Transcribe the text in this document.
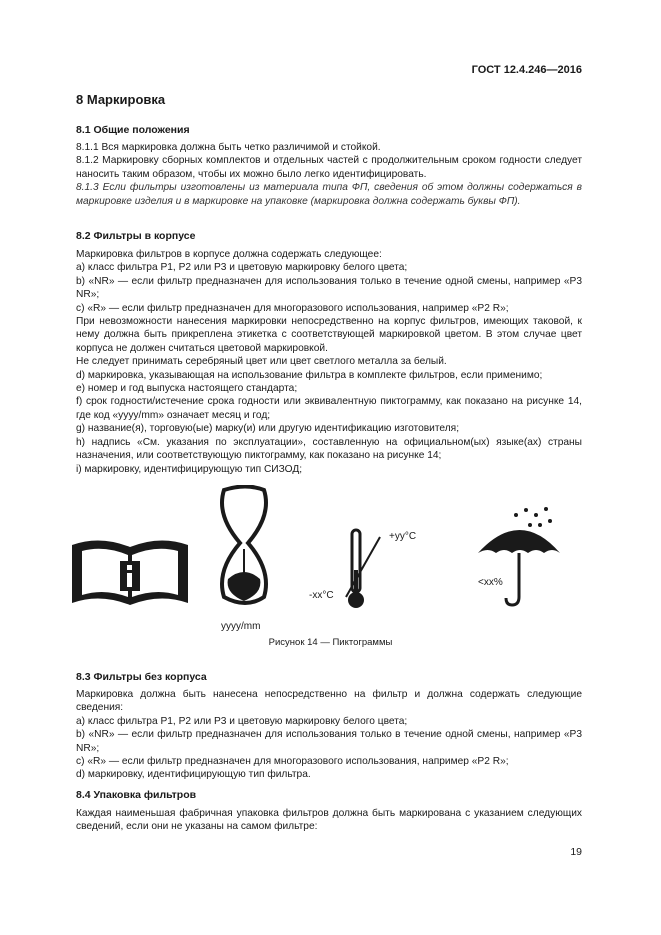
ГОСТ 12.4.246—2016
8 Маркировка
8.1 Общие положения

8.1.1 Вся маркировка должна быть четко различимой и стойкой.

8.1.2 Маркировку сборных комплектов и отдельных частей с продолжительным сроком годности следует наносить таким образом, чтобы их можно было легко идентифицировать.

8.1.3 Если фильтры изготовлены из материала типа ФП, сведения об этом должны содержаться в маркировке изделия и в маркировке на упаковке (маркировка должна содержать буквы ФП).

8.2 Фильтры в корпусе

Маркировка фильтров в корпусе должна содержать следующее:

а) класс фильтра Р1, Р2 или Р3 и цветовую маркировку белого цвета;

b) «NR» — если фильтр предназначен для использования только в течение одной смены, например «P3 NR»;

c) «R» — если фильтр предназначен для многоразового использования, например «P2 R»;

При невозможности нанесения маркировки непосредственно на корпус фильтров, имеющих таковой, к нему должна быть прикреплена этикетка с соответствующей маркировкой цветом. В этом случае цвет корпуса не должен считаться цветовой маркировкой.

Не следует принимать серебряный цвет или цвет светлого металла за белый.

d) маркировка, указывающая на использование фильтра в комплекте фильтров, если применимо;

e) номер и год выпуска настоящего стандарта;

f) срок годности/истечение срока годности или эквивалентную пиктограмму, как показано на рисунке 14, где код «уууу/mm» означает месяц и год;

g) название(я), торговую(ые) марку(и) или другую идентификацию изготовителя;

h) надпись «См. указания по эксплуатации», составленную на официальном(ых) языке(ах) страны назначения, или соответствующую пиктограмму, как показано на рисунке 14;

i) маркировку, идентифицирующую тип СИЗОД;

yyyy/mm
+yy°C
-xx°C
<xx%
Рисунок 14 — Пиктограммы
8.3 Фильтры без корпуса

Маркировка должна быть нанесена непосредственно на фильтр и должна содержать следующие сведения:

а) класс фильтра Р1, Р2 или Р3 и цветовую маркировку белого цвета;

b) «NR» — если фильтр предназначен для использования только в течение одной смены, например «P3 NR»;

c) «R» — если фильтр предназначен для многоразового использования, например «P2 R»;

d) маркировку, идентифицирующую тип фильтра.

8.4 Упаковка фильтров

Каждая наименьшая фабричная упаковка фильтров должна быть маркирована с указанием следующих сведений, если они не указаны на самом фильтре:

19
